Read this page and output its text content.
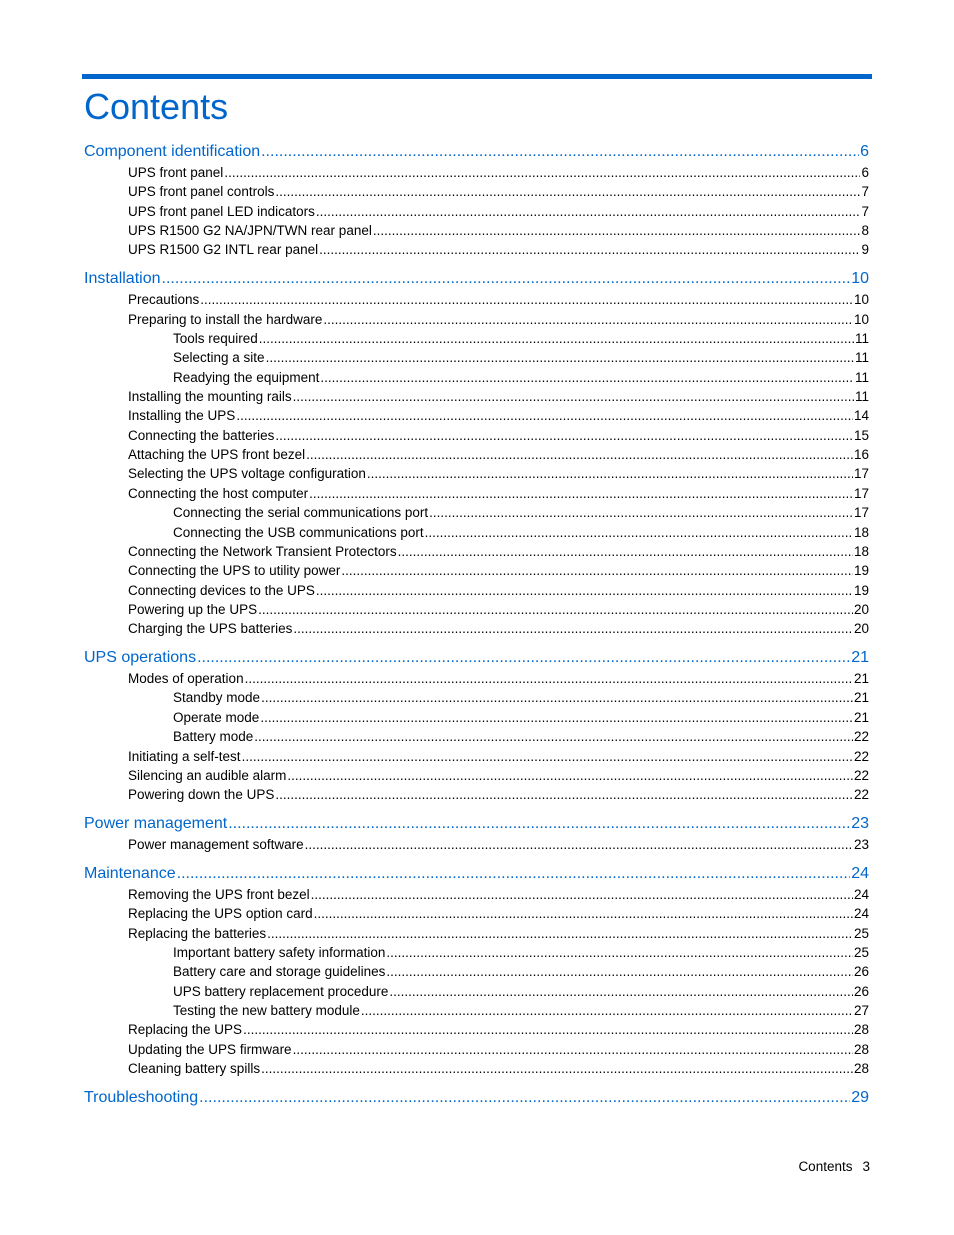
Contents
Component identification .....	6
UPS front panel .....	6
UPS front panel controls .....	7
UPS front panel LED indicators .....	7
UPS R1500 G2 NA/JPN/TWN rear panel .....	8
UPS R1500 G2 INTL rear panel .....	9
Installation .....	10
Precautions .....	10
Preparing to install the hardware .....	10
Tools required .....	11
Selecting a site .....	11
Readying the equipment .....	11
Installing the mounting rails .....	11
Installing the UPS .....	14
Connecting the batteries .....	15
Attaching the UPS front bezel .....	16
Selecting the UPS voltage configuration .....	17
Connecting the host computer .....	17
Connecting the serial communications port .....	17
Connecting the USB communications port .....	18
Connecting the Network Transient Protectors .....	18
Connecting the UPS to utility power .....	19
Connecting devices to the UPS .....	19
Powering up the UPS .....	20
Charging the UPS batteries .....	20
UPS operations .....	21
Modes of operation .....	21
Standby mode .....	21
Operate mode .....	21
Battery mode .....	22
Initiating a self-test .....	22
Silencing an audible alarm .....	22
Powering down the UPS .....	22
Power management .....	23
Power management software .....	23
Maintenance .....	24
Removing the UPS front bezel .....	24
Replacing the UPS option card .....	24
Replacing the batteries .....	25
Important battery safety information .....	25
Battery care and storage guidelines .....	26
UPS battery replacement procedure .....	26
Testing the new battery module .....	27
Replacing the UPS .....	28
Updating the UPS firmware .....	28
Cleaning battery spills .....	28
Troubleshooting .....	29
Contents 3
